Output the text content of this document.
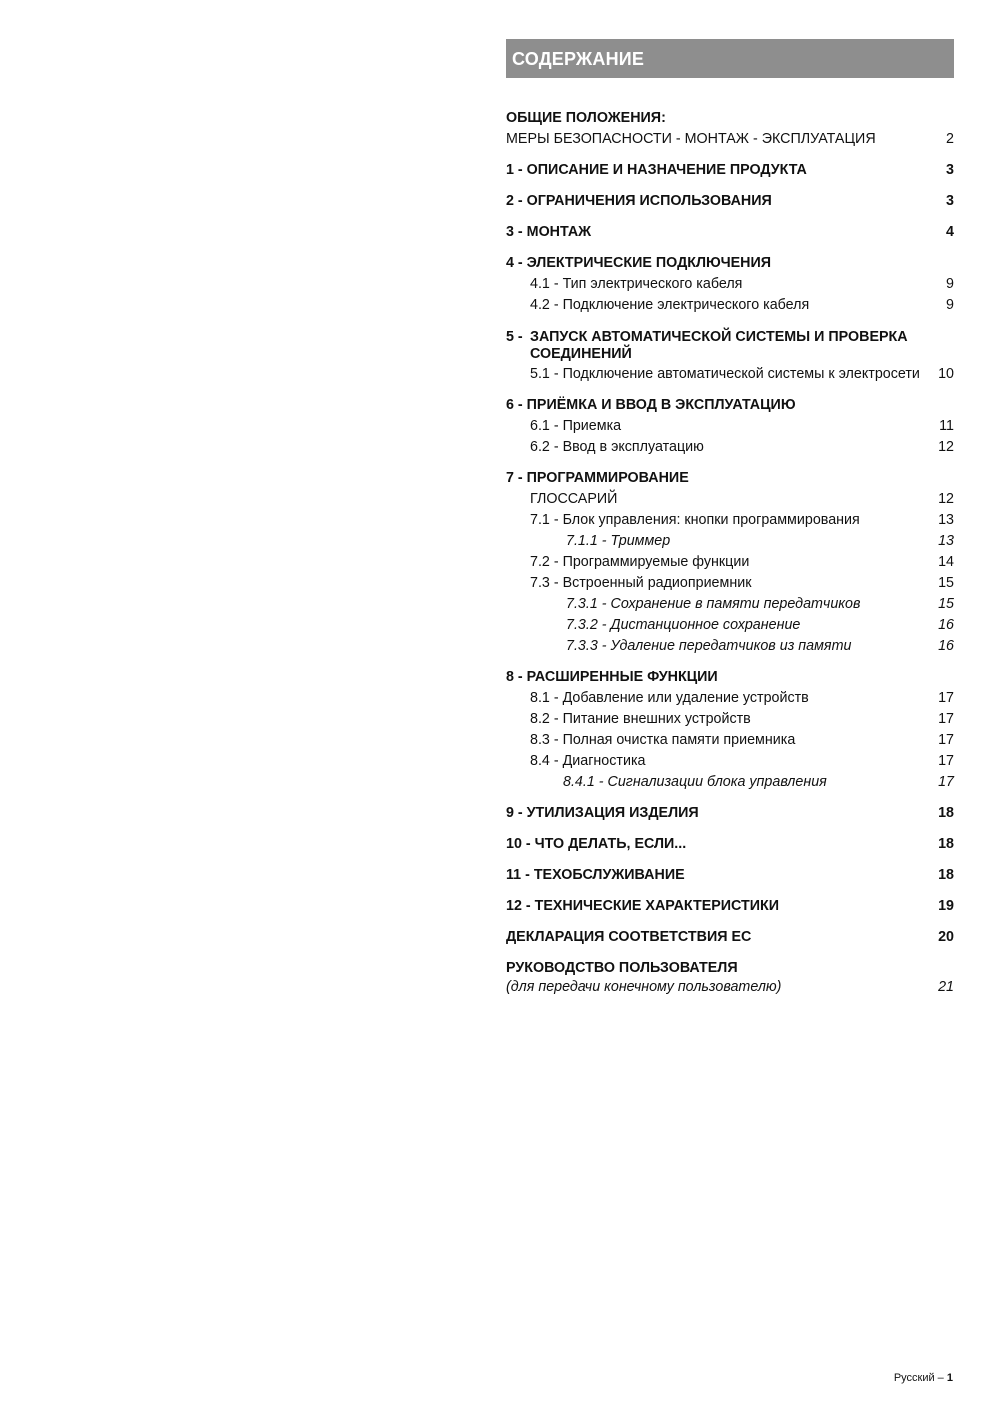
СОДЕРЖАНИЕ
ОБЩИЕ ПОЛОЖЕНИЯ:
МЕРЫ БЕЗОПАСНОСТИ - МОНТАЖ - ЭКСПЛУАТАЦИЯ	2
1 - ОПИСАНИЕ И НАЗНАЧЕНИЕ ПРОДУКТА	3
2 - ОГРАНИЧЕНИЯ ИСПОЛЬЗОВАНИЯ	3
3 - МОНТАЖ	4
4 - ЭЛЕКТРИЧЕСКИЕ ПОДКЛЮЧЕНИЯ
4.1 - Тип электрического кабеля	9
4.2 - Подключение электрического кабеля	9
5 - ЗАПУСК АВТОМАТИЧЕСКОЙ СИСТЕМЫ И ПРОВЕРКА СОЕДИНЕНИЙ
5.1 - Подключение автоматической системы к электросети	10
6 - ПРИЁМКА И ВВОД В ЭКСПЛУАТАЦИЮ
6.1 - Приемка	11
6.2 - Ввод в эксплуатацию	12
7 - ПРОГРАММИРОВАНИЕ
ГЛОССАРИЙ	12
7.1 - Блок управления: кнопки программирования	13
7.1.1 - Триммер	13
7.2 - Программируемые функции	14
7.3 - Встроенный радиоприемник	15
7.3.1 - Сохранение в памяти передатчиков	15
7.3.2 - Дистанционное сохранение	16
7.3.3 - Удаление передатчиков из памяти	16
8 - РАСШИРЕННЫЕ ФУНКЦИИ
8.1 - Добавление или удаление устройств	17
8.2 - Питание внешних устройств	17
8.3 - Полная очистка памяти приемника	17
8.4 - Диагностика	17
8.4.1 - Сигнализации блока управления	17
9 - УТИЛИЗАЦИЯ ИЗДЕЛИЯ	18
10 - ЧТО ДЕЛАТЬ, ЕСЛИ...	18
11 - ТЕХОБСЛУЖИВАНИЕ	18
12 - ТЕХНИЧЕСКИЕ ХАРАКТЕРИСТИКИ	19
ДЕКЛАРАЦИЯ СООТВЕТСТВИЯ ЕС	20
РУКОВОДСТВО ПОЛЬЗОВАТЕЛЯ
(для передачи конечному пользователю)	21
Русский – 1
